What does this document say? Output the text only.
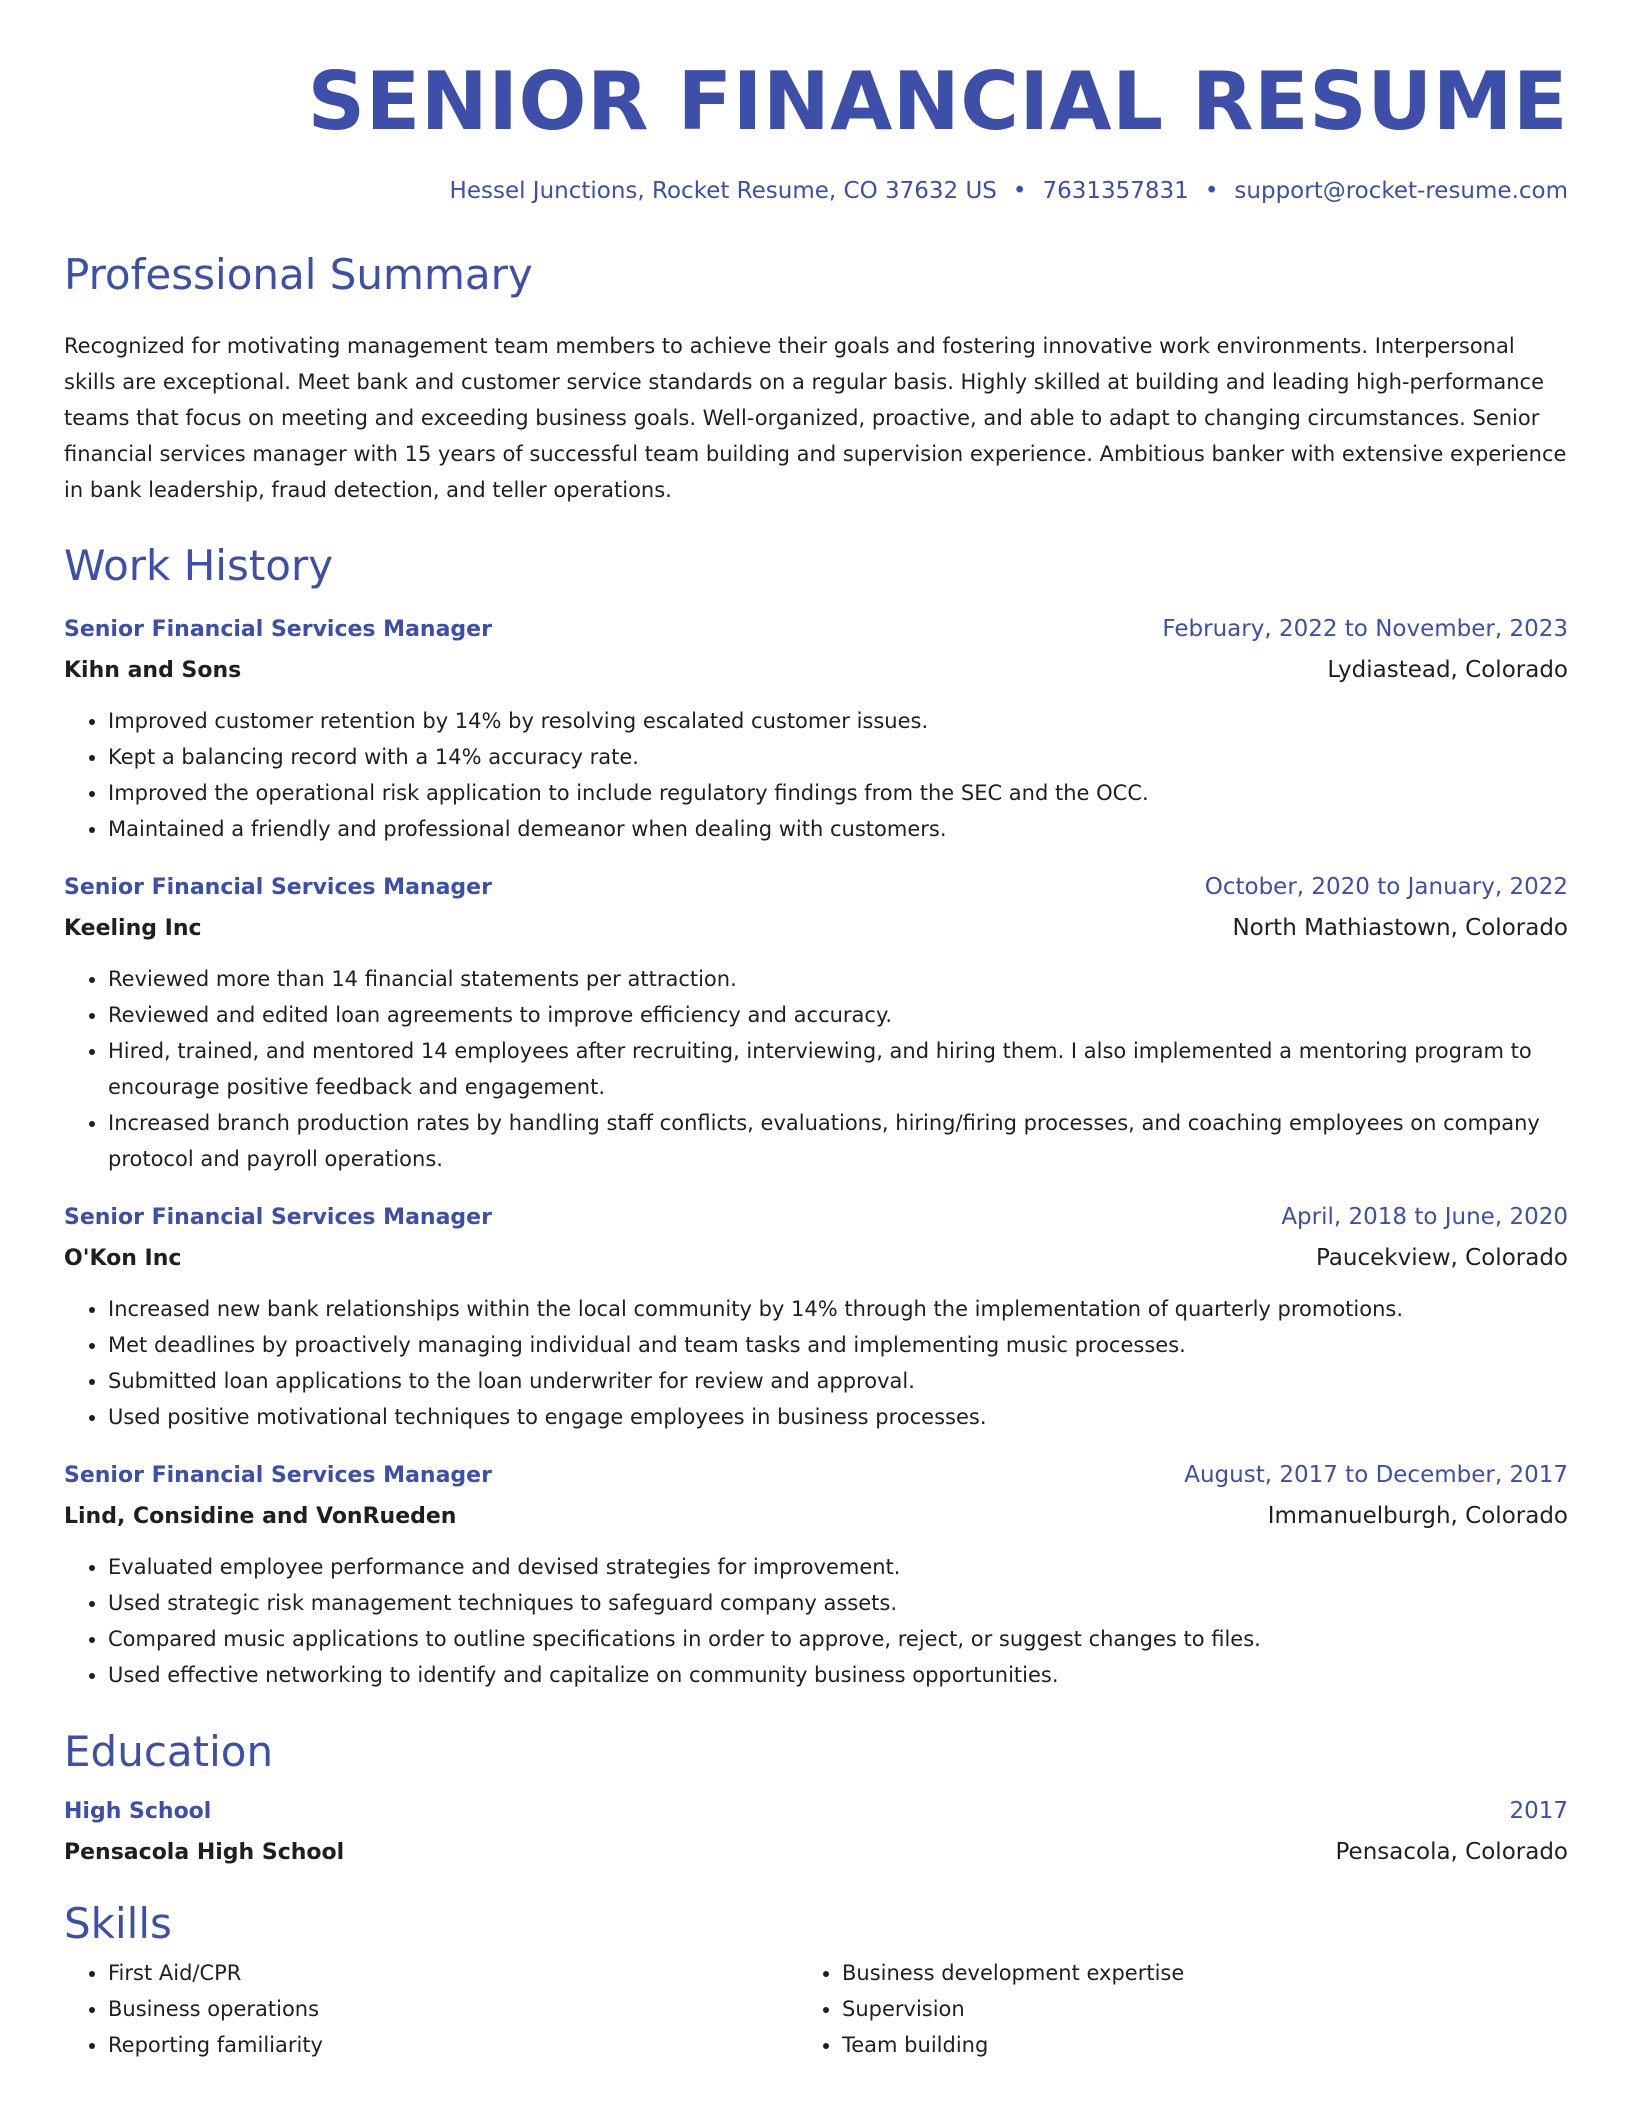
SENIOR FINANCIAL RESUME
Hessel Junctions, Rocket Resume, CO 37632 US • 7631357831 • support@rocket-resume.com
Professional Summary
Recognized for motivating management team members to achieve their goals and fostering innovative work environments. Interpersonal skills are exceptional. Meet bank and customer service standards on a regular basis. Highly skilled at building and leading high-performance teams that focus on meeting and exceeding business goals. Well-organized, proactive, and able to adapt to changing circumstances. Senior financial services manager with 15 years of successful team building and supervision experience. Ambitious banker with extensive experience in bank leadership, fraud detection, and teller operations.
Work History
Senior Financial Services Manager	February, 2022 to November, 2023
Kihn and Sons	Lydiastead, Colorado
• Improved customer retention by 14% by resolving escalated customer issues.
• Kept a balancing record with a 14% accuracy rate.
• Improved the operational risk application to include regulatory findings from the SEC and the OCC.
• Maintained a friendly and professional demeanor when dealing with customers.
Senior Financial Services Manager	October, 2020 to January, 2022
Keeling Inc	North Mathiastown, Colorado
• Reviewed more than 14 financial statements per attraction.
• Reviewed and edited loan agreements to improve efficiency and accuracy.
• Hired, trained, and mentored 14 employees after recruiting, interviewing, and hiring them. I also implemented a mentoring program to encourage positive feedback and engagement.
• Increased branch production rates by handling staff conflicts, evaluations, hiring/firing processes, and coaching employees on company protocol and payroll operations.
Senior Financial Services Manager	April, 2018 to June, 2020
O'Kon Inc	Paucekview, Colorado
• Increased new bank relationships within the local community by 14% through the implementation of quarterly promotions.
• Met deadlines by proactively managing individual and team tasks and implementing music processes.
• Submitted loan applications to the loan underwriter for review and approval.
• Used positive motivational techniques to engage employees in business processes.
Senior Financial Services Manager	August, 2017 to December, 2017
Lind, Considine and VonRueden	Immanuelburgh, Colorado
• Evaluated employee performance and devised strategies for improvement.
• Used strategic risk management techniques to safeguard company assets.
• Compared music applications to outline specifications in order to approve, reject, or suggest changes to files.
• Used effective networking to identify and capitalize on community business opportunities.
Education
High School	2017
Pensacola High School	Pensacola, Colorado
Skills
• First Aid/CPR
• Business operations
• Reporting familiarity
• Business development expertise
• Supervision
• Team building
